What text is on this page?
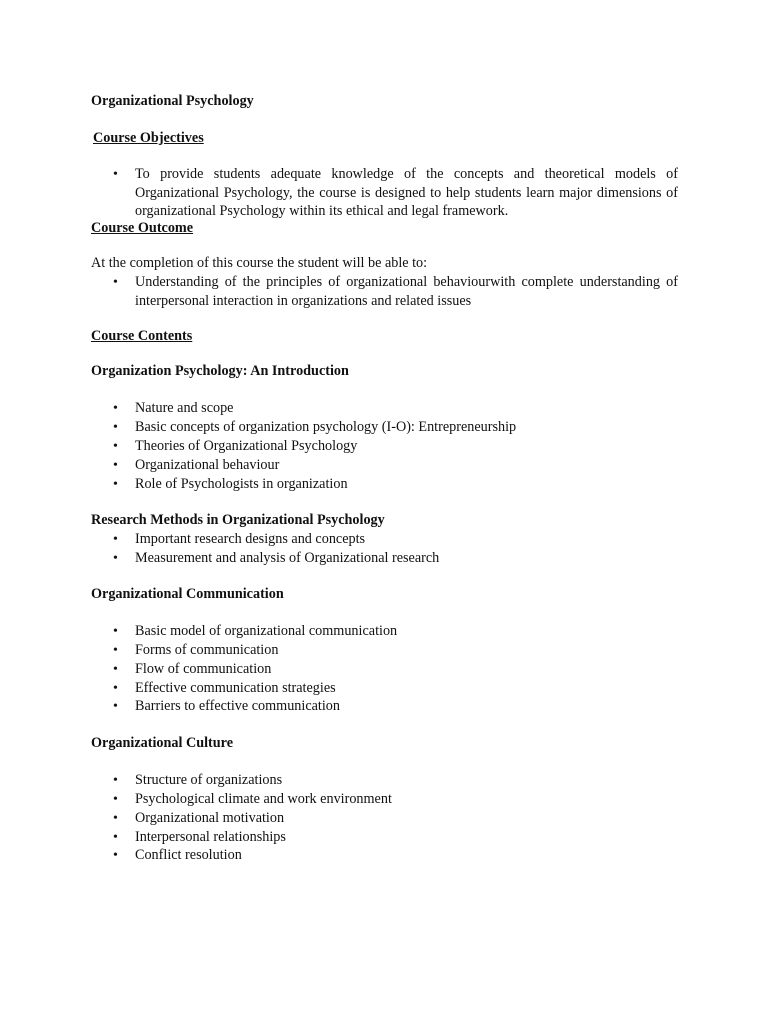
Organizational Psychology
Course Objectives
• To provide students adequate knowledge of the concepts and theoretical models of Organizational Psychology, the course is designed to help students learn major dimensions of organizational Psychology within its ethical and legal framework.
Course Outcome
At the completion of this course the student will be able to:
• Understanding of the principles of organizational behaviourwith complete understanding of interpersonal interaction in organizations and related issues
Course Contents
Organization Psychology: An Introduction
• Nature and scope
• Basic concepts of organization psychology (I-O): Entrepreneurship
• Theories of Organizational Psychology
• Organizational behaviour
• Role of Psychologists in organization
Research Methods in Organizational Psychology
• Important research designs and concepts
• Measurement and analysis of Organizational research
Organizational Communication
• Basic model of organizational communication
• Forms of communication
• Flow of communication
• Effective communication strategies
• Barriers to effective communication
Organizational Culture
• Structure of organizations
• Psychological climate and work environment
• Organizational motivation
• Interpersonal relationships
• Conflict resolution
